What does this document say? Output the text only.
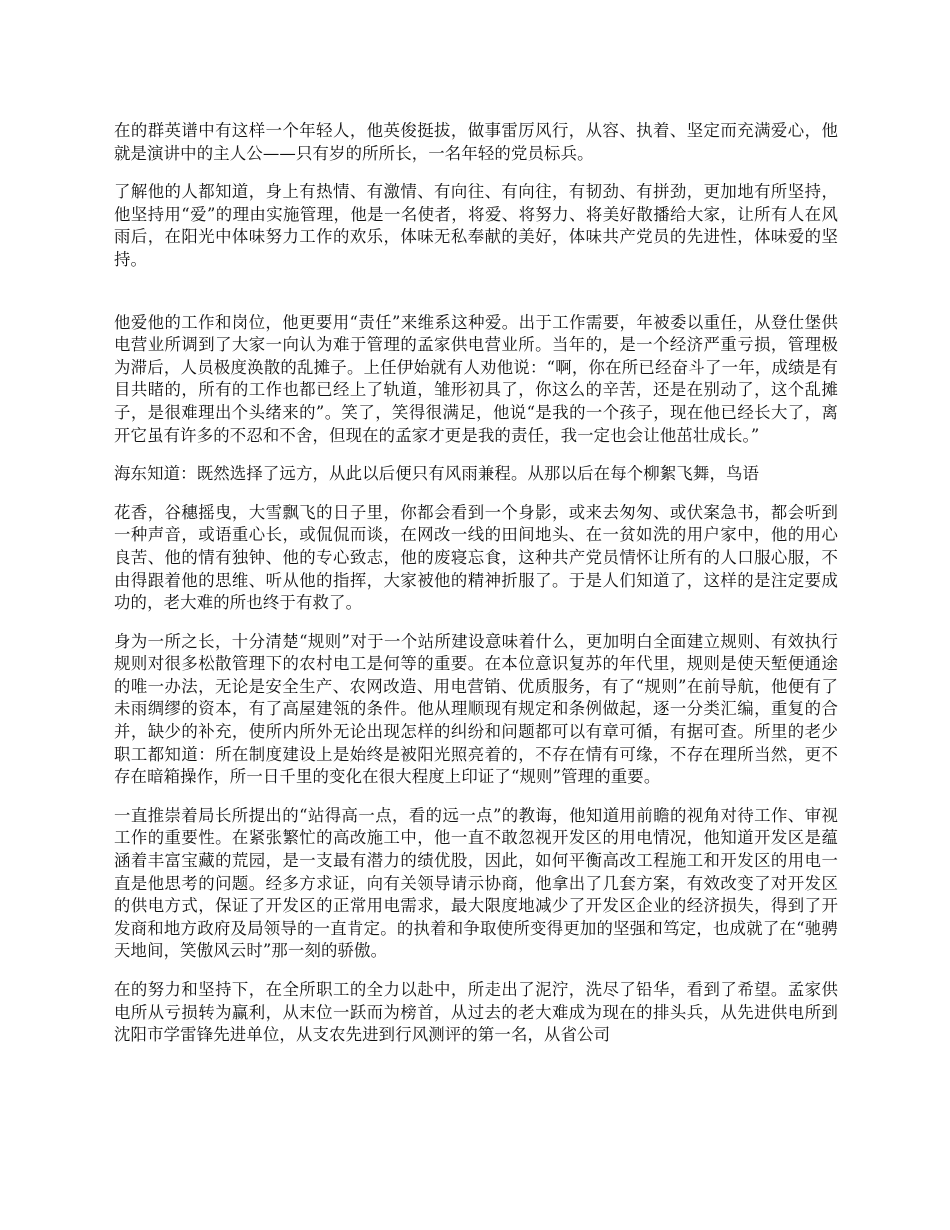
在的群英谱中有这样一个年轻人，他英俊挺拔，做事雷厉风行，从容、执着、坚定而充满爱心，他就是演讲中的主人公——只有岁的所所长，一名年轻的党员标兵。

了解他的人都知道，身上有热情、有激情、有向往、有向往，有韧劲、有拼劲，更加地有所坚持，他坚持用“爱”的理由实施管理，他是一名使者，将爱、将努力、将美好散播给大家，让所有人在风雨后，在阳光中体味努力工作的欢乐，体味无私奉献的美好，体味共产党员的先进性，体味爱的坚持。

他爱他的工作和岗位，他更要用“责任”来维系这种爱。出于工作需要，年被委以重任，从登仕堡供电营业所调到了大家一向认为难于管理的孟家供电营业所。当年的，是一个经济严重亏损，管理极为滞后，人员极度涣散的乱摊子。上任伊始就有人劝他说：“啊，你在所已经奋斗了一年，成绩是有目共睹的，所有的工作也都已经上了轨道，雏形初具了，你这么的辛苦，还是在别动了，这个乱摊子，是很难理出个头绪来的”。笑了，笑得很满足，他说“是我的一个孩子，现在他已经长大了，离开它虽有许多的不忍和不舍，但现在的孟家才更是我的责任，我一定也会让他茁壮成长。”

海东知道：既然选择了远方，从此以后便只有风雨兼程。从那以后在每个柳絮飞舞，鸟语

花香，谷穗摇曳，大雪飘飞的日子里，你都会看到一个身影，或来去匆匆、或伏案急书，都会听到一种声音，或语重心长，或侃侃而谈，在网改一线的田间地头、在一贫如洗的用户家中，他的用心良苦、他的情有独钟、他的专心致志，他的废寝忘食，这种共产党员情怀让所有的人口服心服，不由得跟着他的思维、听从他的指挥，大家被他的精神折服了。于是人们知道了，这样的是注定要成功的，老大难的所也终于有救了。

身为一所之长，十分清楚“规则”对于一个站所建设意味着什么，更加明白全面建立规则、有效执行规则对很多松散管理下的农村电工是何等的重要。在本位意识复苏的年代里，规则是使天堑便通途的唯一办法，无论是安全生产、农网改造、用电营销、优质服务，有了“规则”在前导航，他便有了未雨绸缪的资本，有了高屋建瓴的条件。他从理顺现有规定和条例做起，逐一分类汇编，重复的合并，缺少的补充，使所内所外无论出现怎样的纠纷和问题都可以有章可循，有据可查。所里的老少职工都知道：所在制度建设上是始终是被阳光照亮着的，不存在情有可缘，不存在理所当然，更不存在暗箱操作，所一日千里的变化在很大程度上印证了“规则”管理的重要。

一直推崇着局长所提出的“站得高一点，看的远一点”的教诲，他知道用前瞻的视角对待工作、审视工作的重要性。在紧张繁忙的高改施工中，他一直不敢忽视开发区的用电情况，他知道开发区是蕴涵着丰富宝藏的荒园，是一支最有潜力的绩优股，因此，如何平衡高改工程施工和开发区的用电一直是他思考的问题。经多方求证，向有关领导请示协商，他拿出了几套方案，有效改变了对开发区的供电方式，保证了开发区的正常用电需求，最大限度地减少了开发区企业的经济损失，得到了开发商和地方政府及局领导的一直肯定。的执着和争取使所变得更加的坚强和笃定，也成就了在“驰骋天地间，笑傲风云时”那一刻的骄傲。

在的努力和坚持下，在全所职工的全力以赴中，所走出了泥泞，洗尽了铅华，看到了希望。孟家供电所从亏损转为赢利，从末位一跃而为榜首，从过去的老大难成为现在的排头兵，从先进供电所到沈阳市学雷锋先进单位，从支农先进到行风测评的第一名，从省公司
